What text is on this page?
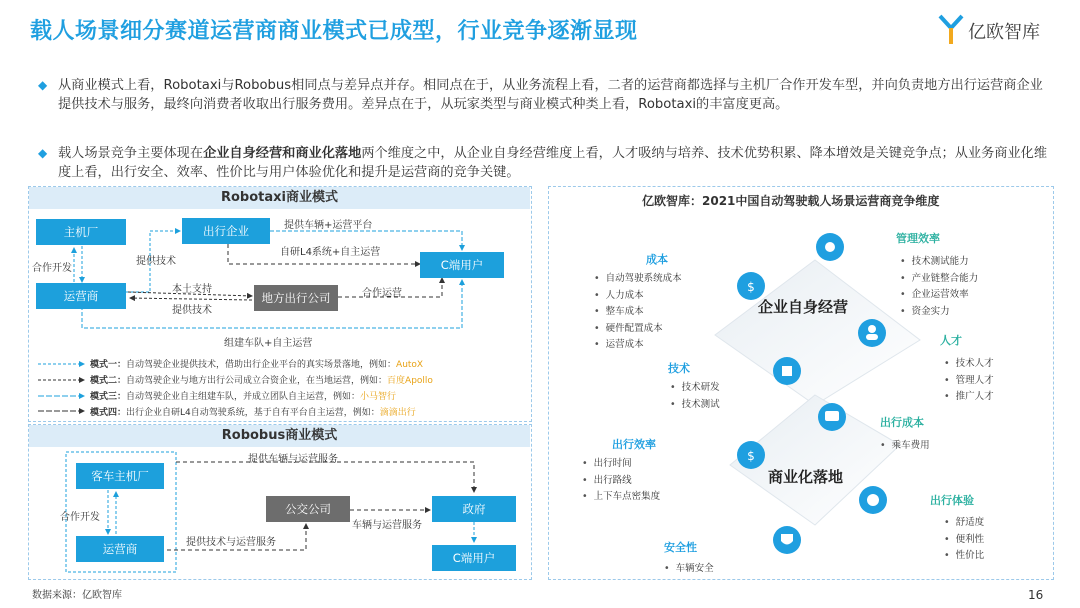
载人场景细分赛道运营商商业模式已成型，行业竞争逐渐显现	亿欧智库
◆ 从商业模式上看，Robotaxi与Robobus相同点与差异点并存。相同点在于，从业务流程上看，二者的运营商都选择与主机厂合作开发车型，并向负责地方出行运营商企业提供技术与服务，最终向消费者收取出行服务费用。差异点在于，从玩家类型与商业模式种类上看，Robotaxi的丰富度更高。
◆ 载人场景竞争主要体现在企业自身经营和商业化落地两个维度之中，从企业自身经营维度上看，人才吸纳与培养、技术优势积累、降本增效是关键竞争点；从业务商业化维度上看，出行安全、效率、性价比与用户体验优化和提升是运营商的竞争关键。
Robotaxi商业模式
主机厂	出行企业
运营商	地方出行公司
C端用户
提供车辆+运营平台
自研L4系统+自主运营
合作开发
提供技术
本土支持
提供技术
合作运营
组建车队+自主运营
模式一：自动驾驶企业提供技术，借助出行企业平台的真实场景落地，例如：AutoX
模式二：自动驾驶企业与地方出行公司成立合资企业，在当地运营，例如：百度Apollo
模式三：自动驾驶企业自主组建车队，并成立团队自主运营，例如：小马智行
模式四：出行企业自研L4自动驾驶系统，基于自有平台自主运营，例如：滴滴出行
Robobus商业模式
客车主机厂
运营商
公交公司	政府
C端用户
提供车辆与运营服务
合作开发
提供技术与运营服务
车辆与运营服务
亿欧智库：2021中国自动驾驶载人场景运营商竞争维度
$
$
企业自身经营
商业化落地
成本
• 自动驾驶系统成本
• 人力成本
• 整车成本
• 硬件配置成本
• 运营成本
管理效率
• 技术测试能力
• 产业链整合能力
• 企业运营效率
• 资金实力
技术
• 技术研发
• 技术测试
人才
• 技术人才
• 管理人才
• 推广人才
出行成本
• 乘车费用
出行效率
• 出行时间
• 出行路线
• 上下车点密集度	出行体验
• 舒适度
• 便利性
• 性价比
安全性
• 车辆安全
数据来源：亿欧智库	16
